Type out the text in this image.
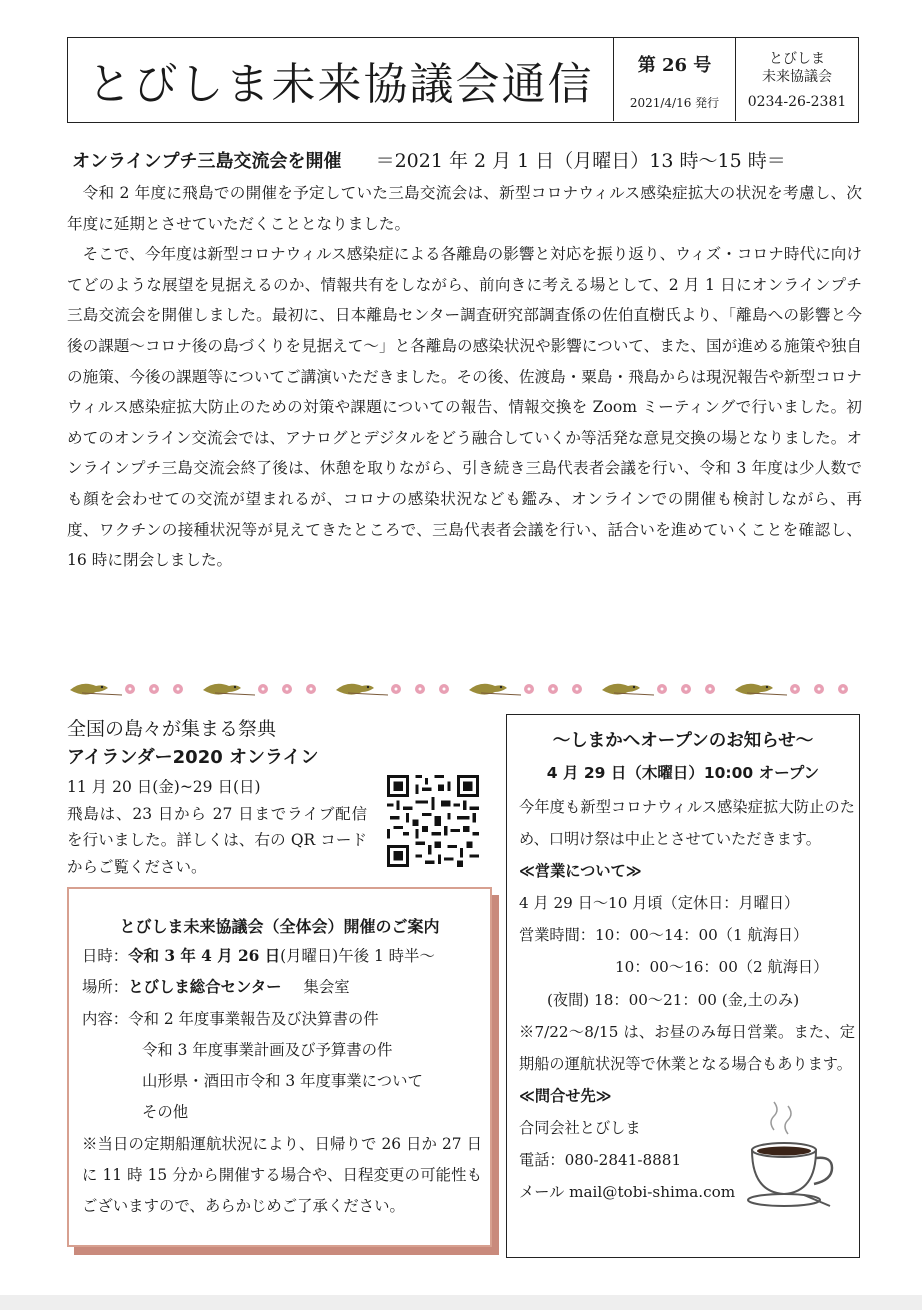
とびしま未来協議会通信	第 26 号
2021/4/16 発行
とびしま
未来協議会
0234-26-2381
オンラインプチ三島交流会を開催 ＝2021 年 2 月 1 日（月曜日）13 時〜15 時＝

令和 2 年度に飛島での開催を予定していた三島交流会は、新型コロナウィルス感染症拡大の状況を考慮し、次年度に延期とさせていただくこととなりました。

そこで、今年度は新型コロナウィルス感染症による各離島の影響と対応を振り返り、ウィズ・コロナ時代に向けてどのような展望を見据えるのか、情報共有をしながら、前向きに考える場として、2 月 1 日にオンラインプチ三島交流会を開催しました。最初に、日本離島センター調査研究部調査係の佐伯直樹氏より、「離島への影響と今後の課題〜コロナ後の島づくりを見据えて〜」と各離島の感染状況や影響について、また、国が進める施策や独自の施策、今後の課題等についてご講演いただきました。その後、佐渡島・粟島・飛島からは現況報告や新型コロナウィルス感染症拡大防止のための対策や課題についての報告、情報交換を Zoom ミーティングで行いました。初めてのオンライン交流会では、アナログとデジタルをどう融合していくか等活発な意見交換の場となりました。オンラインプチ三島交流会終了後は、休憩を取りながら、引き続き三島代表者会議を行い、令和 3 年度は少人数でも顔を会わせての交流が望まれるが、コロナの感染状況なども鑑み、オンラインでの開催も検討しながら、再度、ワクチンの接種状況等が見えてきたところで、三島代表者会議を行い、話合いを進めていくことを確認し、16 時に閉会しました。

全国の島々が集まる祭典
アイランダー2020 オンライン
11 月 20 日(金)~29 日(日)
飛島は、23 日から 27 日までライブ配信を行いました。詳しくは、右の QR コードからご覧ください。
とびしま未来協議会（全体会）開催のご案内
日時：令和 3 年 4 月 26 日(月曜日)午後 1 時半〜
場所：とびしま総合センター 集会室
内容：令和 2 年度事業報告及び決算書の件
令和 3 年度事業計画及び予算書の件
山形県・酒田市令和 3 年度事業について
その他
※当日の定期船運航状況により、日帰りで 26 日か 27 日に 11 時 15 分から開催する場合や、日程変更の可能性もございますので、あらかじめご了承ください。
〜しまかへオープンのお知らせ〜
4 月 29 日（木曜日）10:00 オープン
今年度も新型コロナウィルス感染症拡大防止のため、口明け祭は中止とさせていただきます。
≪営業について≫
4 月 29 日〜10 月頃（定休日：月曜日）
営業時間：10：00〜14：00（1 航海日）
10：00〜16：00（2 航海日）
(夜間) 18：00〜21：00 (金,土のみ)
※7/22〜8/15 は、お昼のみ毎日営業。また、定期船の運航状況等で休業となる場合もあります。
≪問合せ先≫
合同会社とびしま
電話：080-2841-8881
メール mail@tobi-shima.com
